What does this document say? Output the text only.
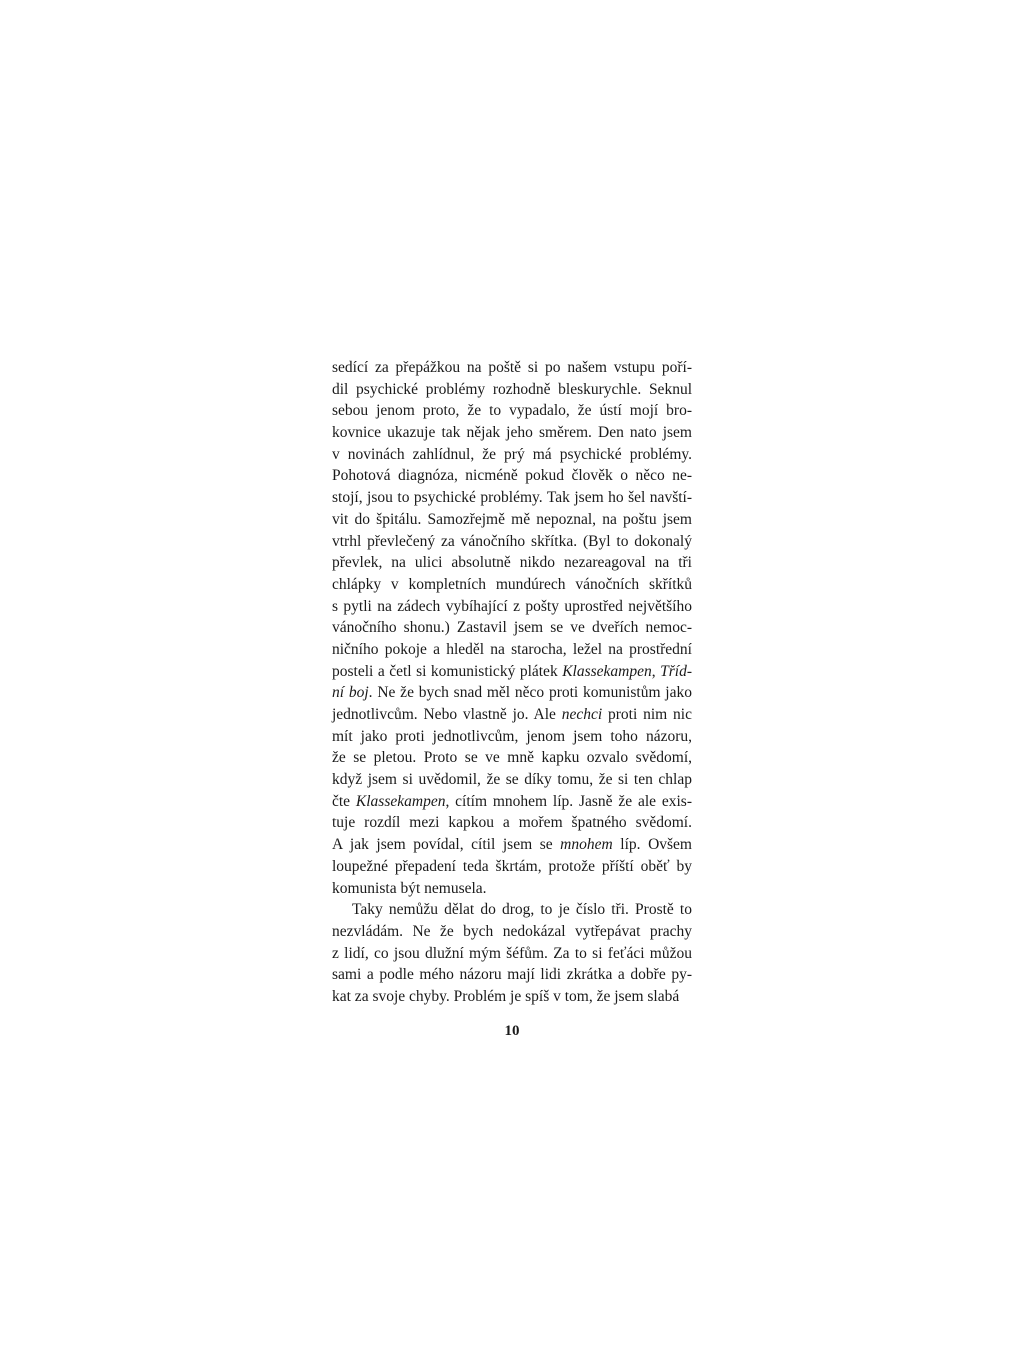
sedící za přepážkou na poště si po našem vstupu poří-
dil psychické problémy rozhodně bleskurychle. Seknul
sebou jenom proto, že to vypadalo, že ústí mojí bro-
kovnice ukazuje tak nějak jeho směrem. Den nato jsem
v novinách zahlídnul, že prý má psychické problémy.
Pohotová diagnóza, nicméně pokud člověk o něco ne-
stojí, jsou to psychické problémy. Tak jsem ho šel navští-
vit do špitálu. Samozřejmě mě nepoznal, na poštu jsem
vtrhl převlečený za vánočního skřítka. (Byl to dokonalý
převlek, na ulici absolutně nikdo nezareagoval na tři
chlápky v kompletních mundúrech vánočních skřítků
s pytli na zádech vybíhající z pošty uprostřed největšího
vánočního shonu.) Zastavil jsem se ve dveřích nemoc-
ničního pokoje a hleděl na starocha, ležel na prostřední
posteli a četl si komunistický plátek Klassekampen, Tříd-
ní boj. Ne že bych snad měl něco proti komunistům jako
jednotlivcům. Nebo vlastně jo. Ale nechci proti nim nic
mít jako proti jednotlivcům, jenom jsem toho názoru,
že se pletou. Proto se ve mně kapku ozvalo svědomí,
když jsem si uvědomil, že se díky tomu, že si ten chlap
čte Klassekampen, cítím mnohem líp. Jasně že ale exis-
tuje rozdíl mezi kapkou a mořem špatného svědomí.
A jak jsem povídal, cítil jsem se mnohem líp. Ovšem
loupežné přepadení teda škrtám, protože příští oběť by
komunista být nemusela.
Taky nemůžu dělat do drog, to je číslo tři. Prostě to
nezvládám. Ne že bych nedokázal vytřepávat prachy
z lidí, co jsou dlužní mým šéfům. Za to si feťáci můžou
sami a podle mého názoru mají lidi zkrátka a dobře py-
kat za svoje chyby. Problém je spíš v tom, že jsem slabá
10
